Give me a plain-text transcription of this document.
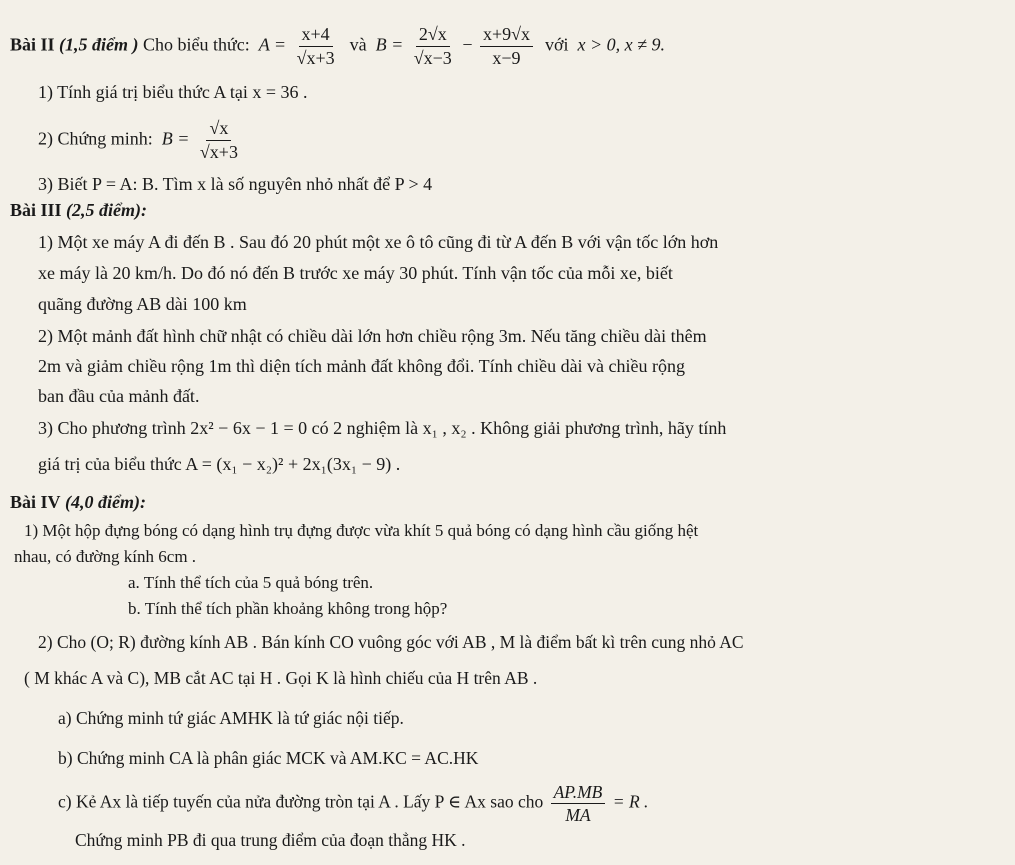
Bài II (1,5 điểm ) Cho biểu thức: $A = \frac{x+4}{√x+3}$ và $B = \frac{2√x}{√x-3} - \frac{x+9√x}{x-9}$ với x > 0, x ≠ 9.
1) Tính giá trị biểu thức A tại x = 36 .
2) Chứng minh: $B = \frac{√x}{√x+3}$
3) Biết P = A: B. Tìm x là số nguyên nhỏ nhất để P > 4
Bài III (2,5 điểm):
1) Một xe máy A đi đến B . Sau đó 20 phút một xe ô tô cũng đi từ A đến B với vận tốc lớn hơn
xe máy là 20 km/h. Do đó nó đến B trước xe máy 30 phút. Tính vận tốc của mỗi xe, biết
quãng đường AB dài 100 km
2) Một mảnh đất hình chữ nhật có chiều dài lớn hơn chiều rộng 3m. Nếu tăng chiều dài thêm
2m và giảm chiều rộng 1m thì diện tích mảnh đất không đổi. Tính chiều dài và chiều rộng
ban đầu của mảnh đất.
3) Cho phương trình 2x² − 6x − 1 = 0 có 2 nghiệm là x₁ , x₂ . Không giải phương trình, hãy tính
giá trị của biểu thức A = (x₁ − x₂)² + 2x₁(3x₁ − 9) .
Bài IV (4,0 điểm):
1) Một hộp đựng bóng có dạng hình trụ đựng được vừa khít 5 quả bóng có dạng hình cầu giống hệt
nhau, có đường kính 6cm .
a. Tính thể tích của 5 quả bóng trên.
b. Tính thể tích phần khoảng không trong hộp?
2) Cho (O; R) đường kính AB . Bán kính CO vuông góc với AB , M là điểm bất kì trên cung nhỏ AC
( M khác A và C), MB cắt AC tại H . Gọi K là hình chiếu của H trên AB .
a) Chứng minh tứ giác AMHK là tứ giác nội tiếp.
b) Chứng minh CA là phân giác MCK và AM.KC = AC.HK
c) Kẻ Ax là tiếp tuyến của nửa đường tròn tại A . Lấy P ∈ Ax sao cho $\frac{AP.MB}{MA} = R$ .
Chứng minh PB đi qua trung điểm của đoạn thẳng HK .
